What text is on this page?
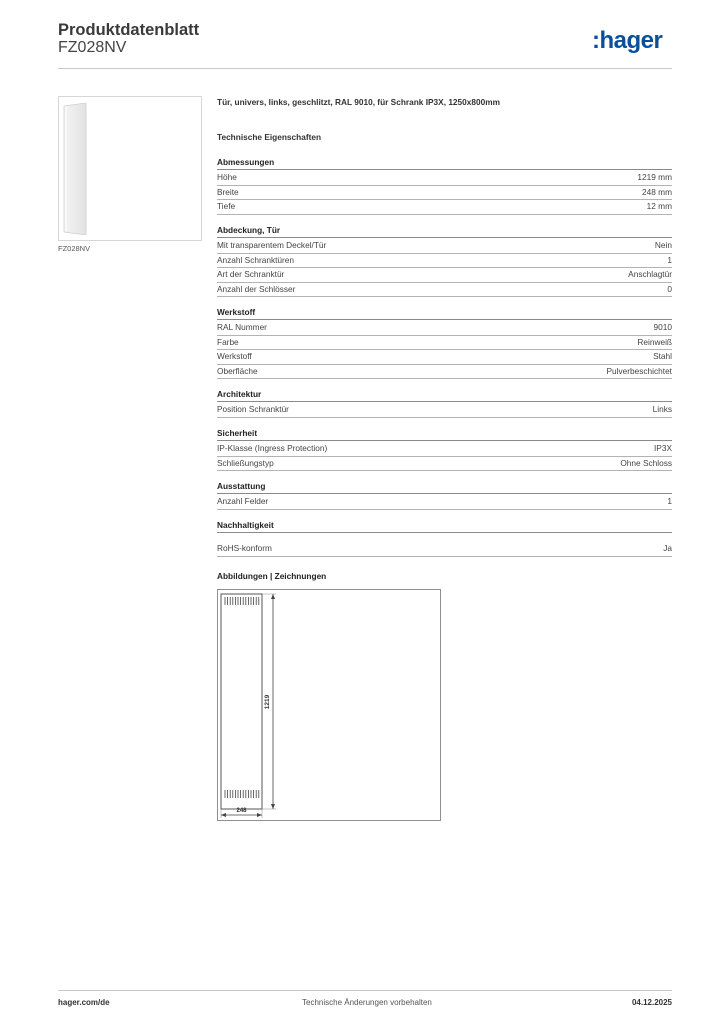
Produktdatenblatt
FZ028NV	:hager
FZ028NV
Tür, univers, links, geschlitzt, RAL 9010, für Schrank IP3X, 1250x800mm
Technische Eigenschaften
Abmessungen
Höhe	1219 mm
Breite	248 mm
Tiefe	12 mm
Abdeckung, Tür
Mit transparentem Deckel/Tür	Nein
Anzahl Schranktüren	1
Art der Schranktür	Anschlagtür
Anzahl der Schlösser	0
Werkstoff
RAL Nummer	9010
Farbe	Reinweiß
Werkstoff	Stahl
Oberfläche	Pulverbeschichtet
Architektur
Position Schranktür	Links
Sicherheit
IP-Klasse (Ingress Protection)	IP3X
Schließungstyp	Ohne Schloss
Ausstattung
Anzahl Felder	1
Nachhaltigkeit
RoHS-konform	Ja
Abbildungen | Zeichnungen
1219
248
hager.com/de	Technische Änderungen vorbehalten	04.12.2025
